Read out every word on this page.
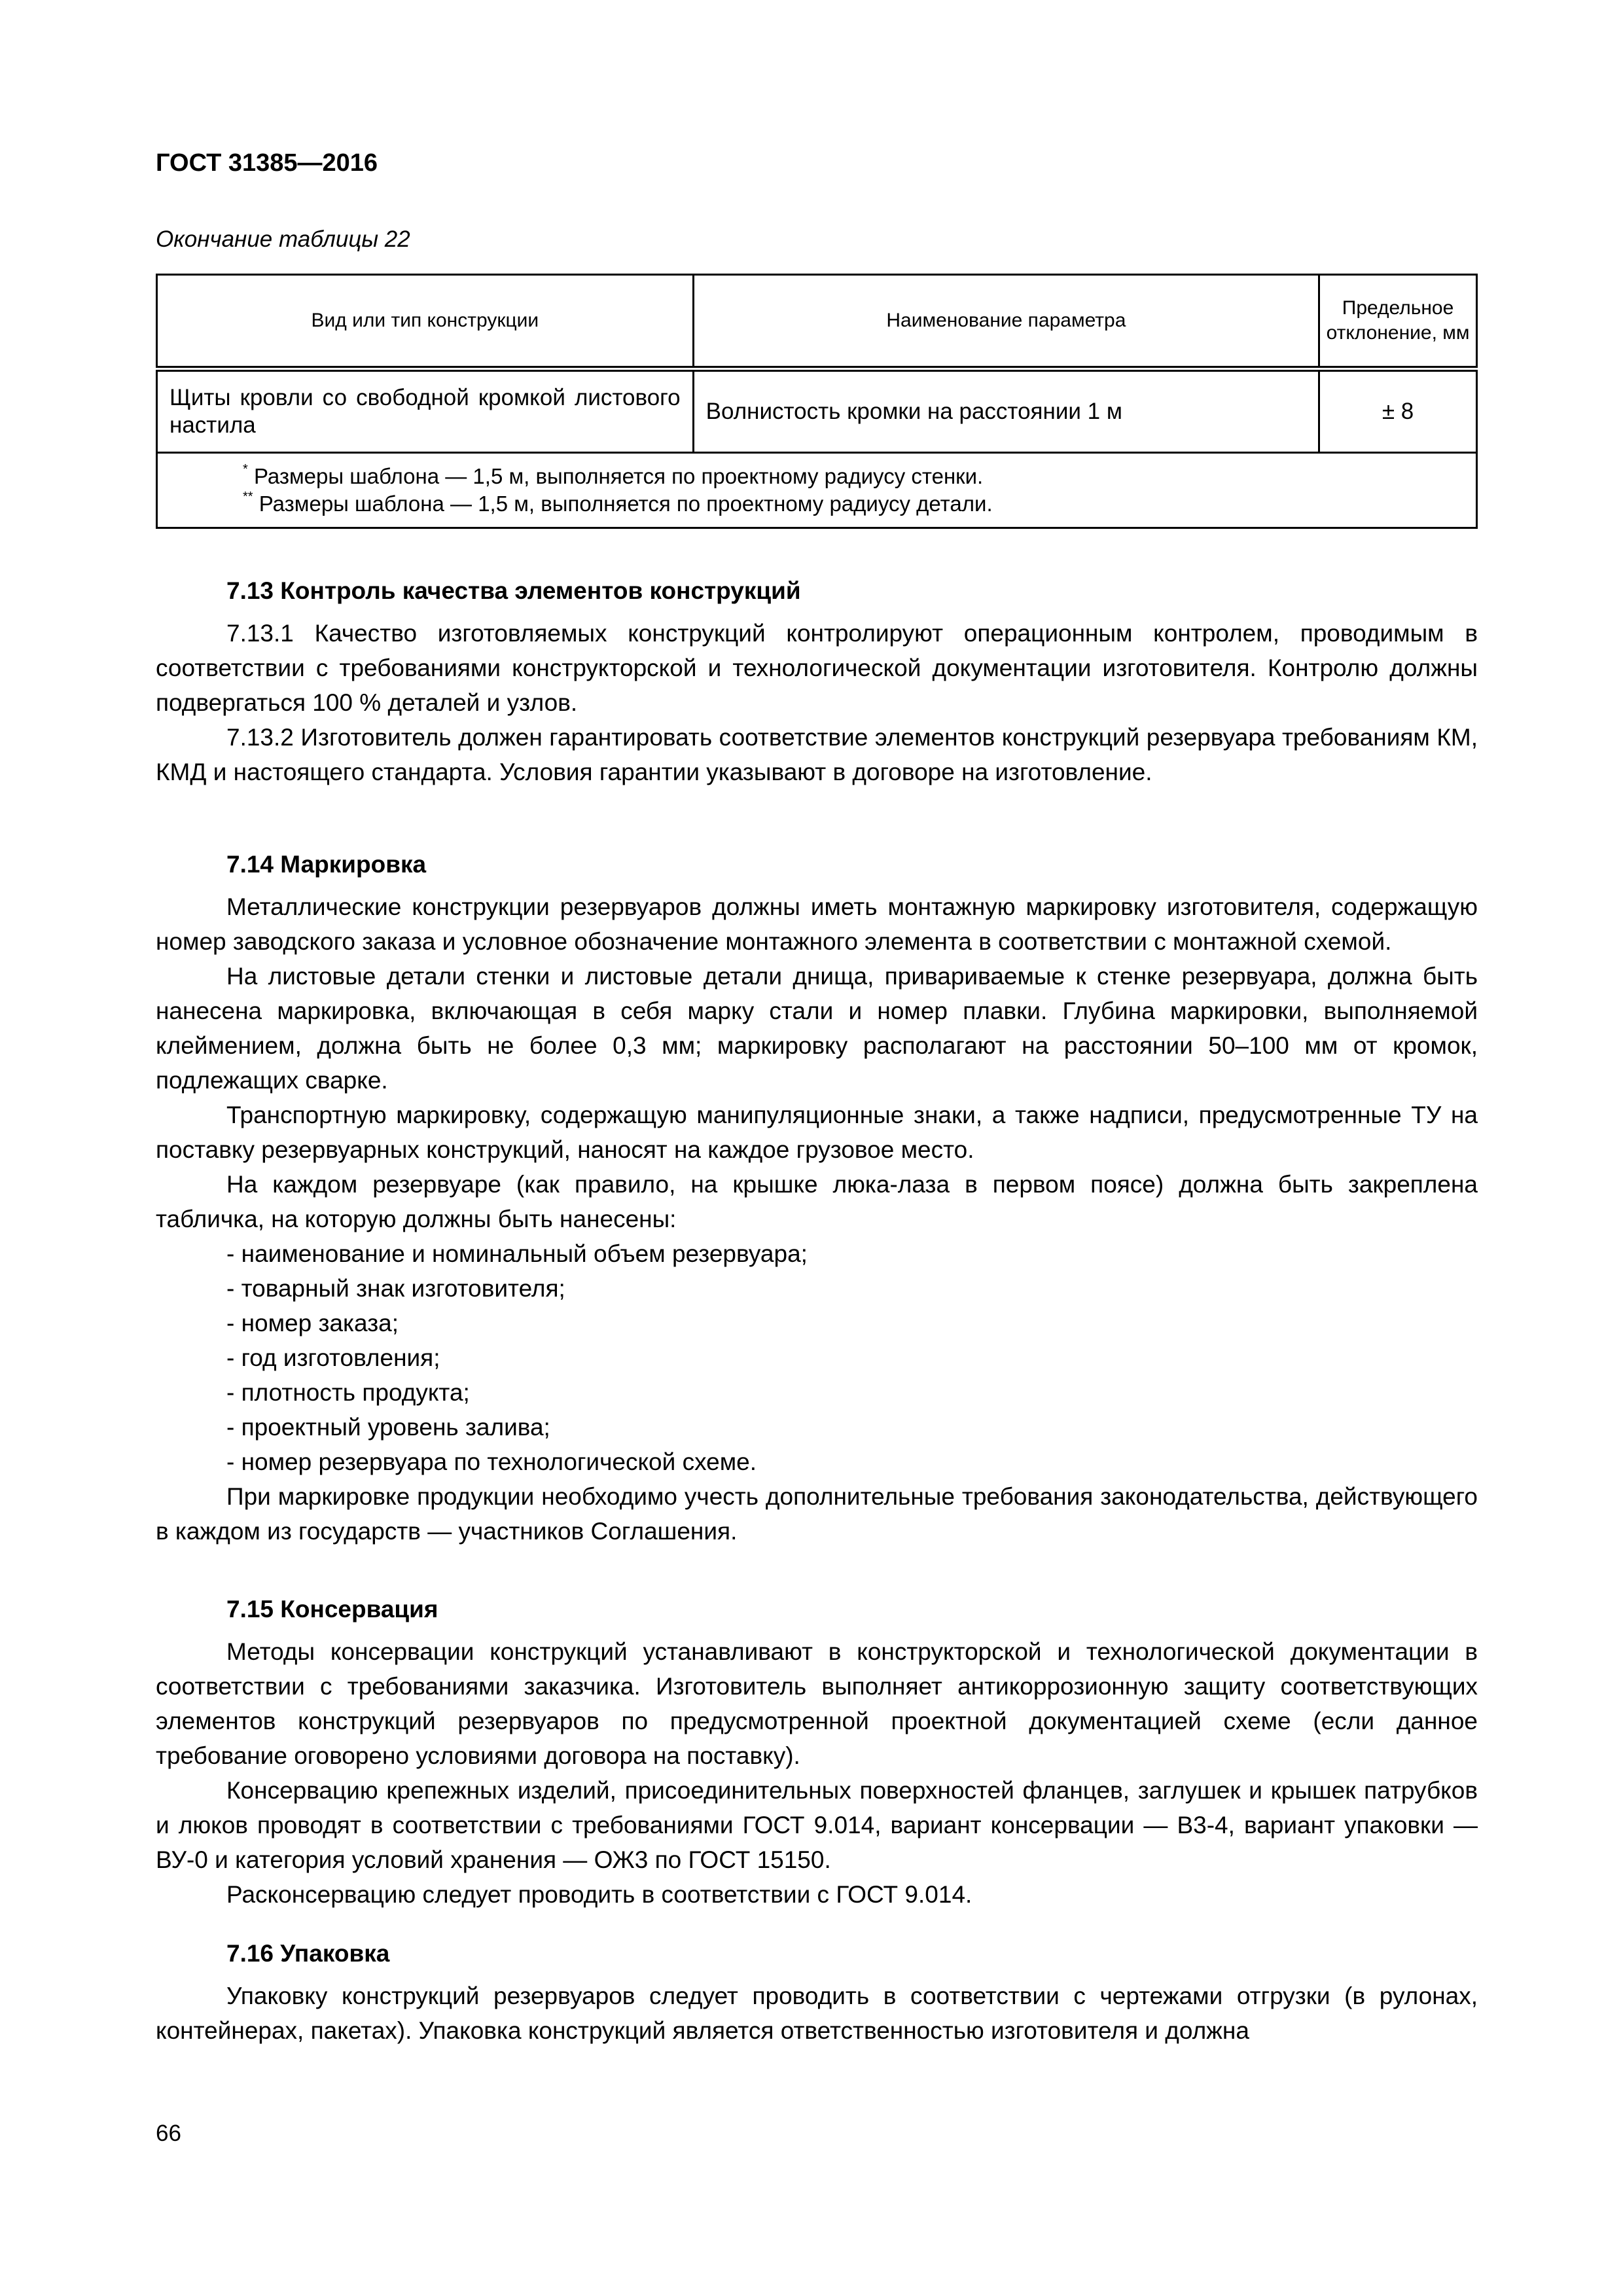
ГОСТ 31385—2016
Окончание таблицы 22
Вид или тип конструкции	Наименование параметра	Предельное отклонение, мм
Щиты кровли со свободной кромкой листового настила	Волнистость кромки на расстоянии 1 м	± 8

* Размеры шаблона — 1,5 м, выполняется по проектному радиусу стенки.
** Размеры шаблона — 1,5 м, выполняется по проектному радиусу детали.		
7.13 Контроль качества элементов конструкций

7.13.1 Качество изготовляемых конструкций контролируют операционным контролем, проводимым в соответствии с требованиями конструкторской и технологической документации изготовителя. Контролю должны подвергаться 100 % деталей и узлов.

7.13.2 Изготовитель должен гарантировать соответствие элементов конструкций резервуара требованиям КМ, КМД и настоящего стандарта. Условия гарантии указывают в договоре на изготовление.

7.14 Маркировка

Металлические конструкции резервуаров должны иметь монтажную маркировку изготовителя, содержащую номер заводского заказа и условное обозначение монтажного элемента в соответствии с монтажной схемой.

На листовые детали стенки и листовые детали днища, привариваемые к стенке резервуара, должна быть нанесена маркировка, включающая в себя марку стали и номер плавки. Глубина маркировки, выполняемой клеймением, должна быть не более 0,3 мм; маркировку располагают на расстоянии 50–100 мм от кромок, подлежащих сварке.

Транспортную маркировку, содержащую манипуляционные знаки, а также надписи, предусмотренные ТУ на поставку резервуарных конструкций, наносят на каждое грузовое место.

На каждом резервуаре (как правило, на крышке люка-лаза в первом поясе) должна быть закреплена табличка, на которую должны быть нанесены:

- наименование и номинальный объем резервуара;
- товарный знак изготовителя;
- номер заказа;
- год изготовления;
- плотность продукта;
- проектный уровень залива;
- номер резервуара по технологической схеме.

При маркировке продукции необходимо учесть дополнительные требования законодательства, действующего в каждом из государств — участников Соглашения.

7.15 Консервация

Методы консервации конструкций устанавливают в конструкторской и технологической документации в соответствии с требованиями заказчика. Изготовитель выполняет антикоррозионную защиту соответствующих элементов конструкций резервуаров по предусмотренной проектной документацией схеме (если данное требование оговорено условиями договора на поставку).

Консервацию крепежных изделий, присоединительных поверхностей фланцев, заглушек и крышек патрубков и люков проводят в соответствии с требованиями ГОСТ 9.014, вариант консервации — В3-4, вариант упаковки — ВУ-0 и категория условий хранения — ОЖ3 по ГОСТ 15150.

Расконсервацию следует проводить в соответствии с ГОСТ 9.014.

7.16 Упаковка

Упаковку конструкций резервуаров следует проводить в соответствии с чертежами отгрузки (в рулонах, контейнерах, пакетах). Упаковка конструкций является ответственностью изготовителя и должна

66
